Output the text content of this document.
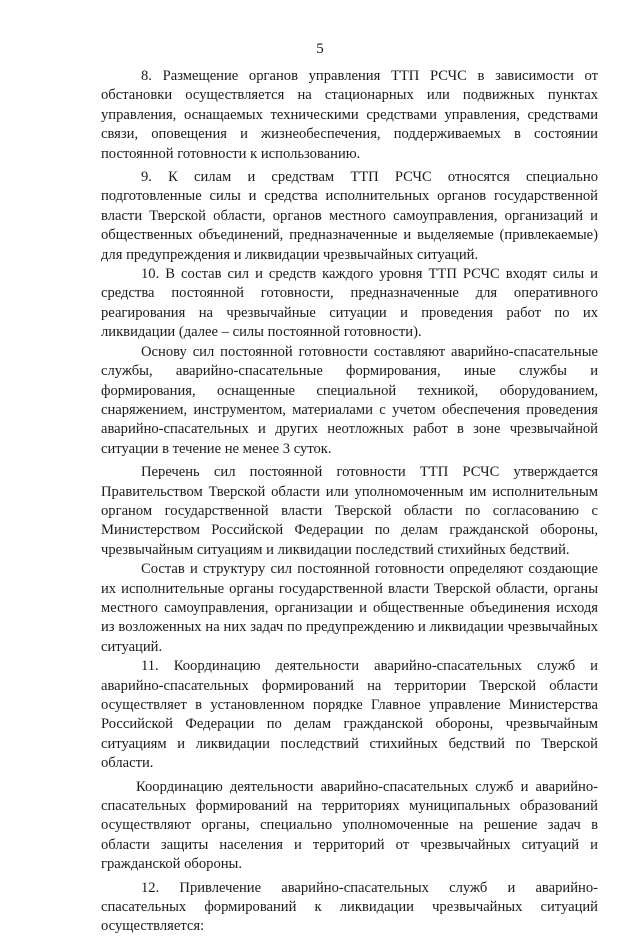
5

8. Размещение органов управления ТТП РСЧС в зависимости от обстановки осуществляется на стационарных или подвижных пунктах управления, оснащаемых техническими средствами управления, средствами связи, оповещения и жизнеобеспечения, поддерживаемых в состоянии постоянной готовности к использованию.

9. К силам и средствам ТТП РСЧС относятся специально подготовленные силы и средства исполнительных органов государственной власти Тверской области, органов местного самоуправления, организаций и общественных объединений, предназначенные и выделяемые (привлекаемые) для предупреждения и ликвидации чрезвычайных ситуаций.

10. В состав сил и средств каждого уровня ТТП РСЧС входят силы и средства постоянной готовности, предназначенные для оперативного реагирования на чрезвычайные ситуации и проведения работ по их ликвидации (далее – силы постоянной готовности).

Основу сил постоянной готовности составляют аварийно-спасательные службы, аварийно-спасательные формирования, иные службы и формирования, оснащенные специальной техникой, оборудованием, снаряжением, инструментом, материалами с учетом обеспечения проведения аварийно-спасательных и других неотложных работ в зоне чрезвычайной ситуации в течение не менее 3 суток.

Перечень сил постоянной готовности ТТП РСЧС утверждается Правительством Тверской области или уполномоченным им исполнительным органом государственной власти Тверской области по согласованию с Министерством Российской Федерации по делам гражданской обороны, чрезвычайным ситуациям и ликвидации последствий стихийных бедствий.

Состав и структуру сил постоянной готовности определяют создающие их исполнительные органы государственной власти Тверской области, органы местного самоуправления, организации и общественные объединения исходя из возложенных на них задач по предупреждению и ликвидации чрезвычайных ситуаций.

11. Координацию деятельности аварийно-спасательных служб и аварийно-спасательных формирований на территории Тверской области осуществляет в установленном порядке Главное управление Министерства Российской Федерации по делам гражданской обороны, чрезвычайным ситуациям и ликвидации последствий стихийных бедствий по Тверской области.

Координацию деятельности аварийно-спасательных служб и аварийно-спасательных формирований на территориях муниципальных образований осуществляют органы, специально уполномоченные на решение задач в области защиты населения и территорий от чрезвычайных ситуаций и гражданской обороны.

12. Привлечение аварийно-спасательных служб и аварийно-спасательных формирований к ликвидации чрезвычайных ситуаций осуществляется:
